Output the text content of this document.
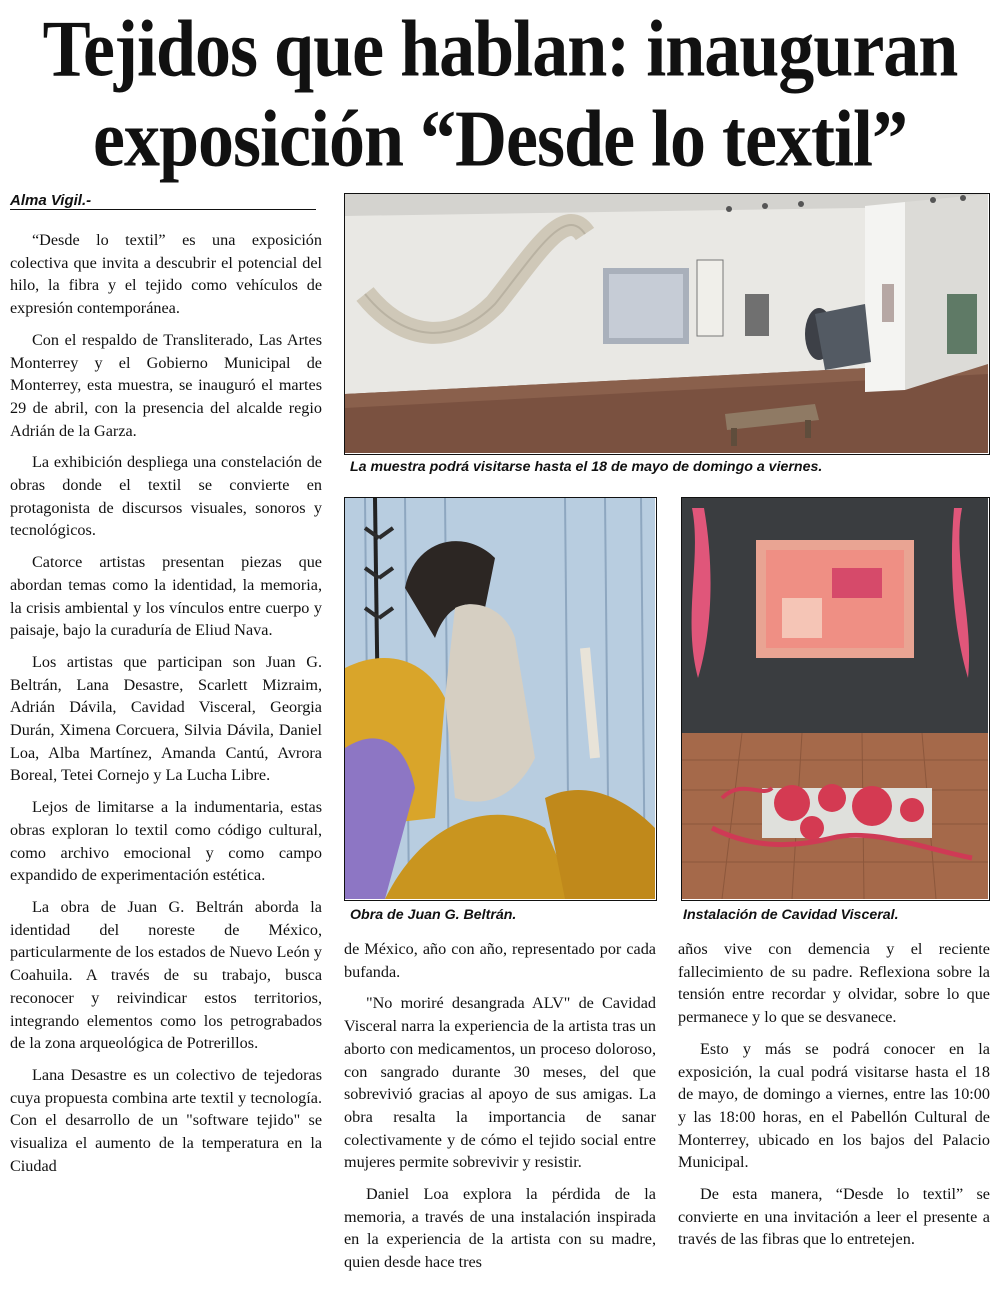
Tejidos que hablan: inauguran
exposición “Desde lo textil”
Alma Vigil.-

“Desde lo textil” es una exposición colectiva que invita a descubrir el potencial del hilo, la fibra y el tejido como vehículos de expresión contemporánea.

Con el respaldo de Transliterado, Las Artes Monterrey y el Gobierno Municipal de Monterrey, esta muestra, se inauguró el martes 29 de abril, con la presencia del alcalde regio Adrián de la Garza.

La exhibición despliega una constelación de obras donde el textil se convierte en protagonista de discursos visuales, sonoros y tecnológicos.

Catorce artistas presentan piezas que abordan temas como la identidad, la memoria, la crisis ambiental y los vínculos entre cuerpo y paisaje, bajo la curaduría de Eliud Nava.

Los artistas que participan son Juan G. Beltrán, Lana Desastre, Scarlett Mizraim, Adrián Dávila, Cavidad Visceral, Georgia Durán, Ximena Corcuera, Silvia Dávila, Daniel Loa, Alba Martínez, Amanda Cantú, Avrora Boreal, Tetei Cornejo y La Lucha Libre.

Lejos de limitarse a la indumentaria, estas obras exploran lo textil como código cultural, como archivo emocional y como campo expandido de experimentación estética.

La obra de Juan G. Beltrán aborda la identidad del noreste de México, particularmente de los estados de Nuevo León y Coahuila. A través de su trabajo, busca reconocer y reivindicar estos territorios, integrando elementos como los petrograbados de la zona arqueológica de Potrerillos.

Lana Desastre es un colectivo de tejedoras cuya propuesta combina arte textil y tecnología. Con el desarrollo de un "software tejido" se visualiza el aumento de la temperatura en la Ciudad

La muestra podrá visitarse hasta el 18 de mayo de domingo a viernes.
Obra de Juan G. Beltrán.	Instalación de Cavidad Visceral.

de México, año con año, representado por cada bufanda.

"No moriré desangrada ALV" de Cavidad Visceral narra la experiencia de la artista tras un aborto con medicamentos, un proceso doloroso, con sangrado durante 30 meses, del que sobrevivió gracias al apoyo de sus amigas. La obra resalta la importancia de sanar colectivamente y de cómo el tejido social entre mujeres permite sobrevivir y resistir.

Daniel Loa explora la pérdida de la memoria, a través de una instalación inspirada en la experiencia de la artista con su madre, quien desde hace tres

años vive con demencia y el reciente fallecimiento de su padre. Reflexiona sobre la tensión entre recordar y olvidar, sobre lo que permanece y lo que se desvanece.

Esto y más se podrá conocer en la exposición, la cual podrá visitarse hasta el 18 de mayo, de domingo a viernes, entre las 10:00 y las 18:00 horas, en el Pabellón Cultural de Monterrey, ubicado en los bajos del Palacio Municipal.

De esta manera, “Desde lo textil” se convierte en una invitación a leer el presente a través de las fibras que lo entretejen.
